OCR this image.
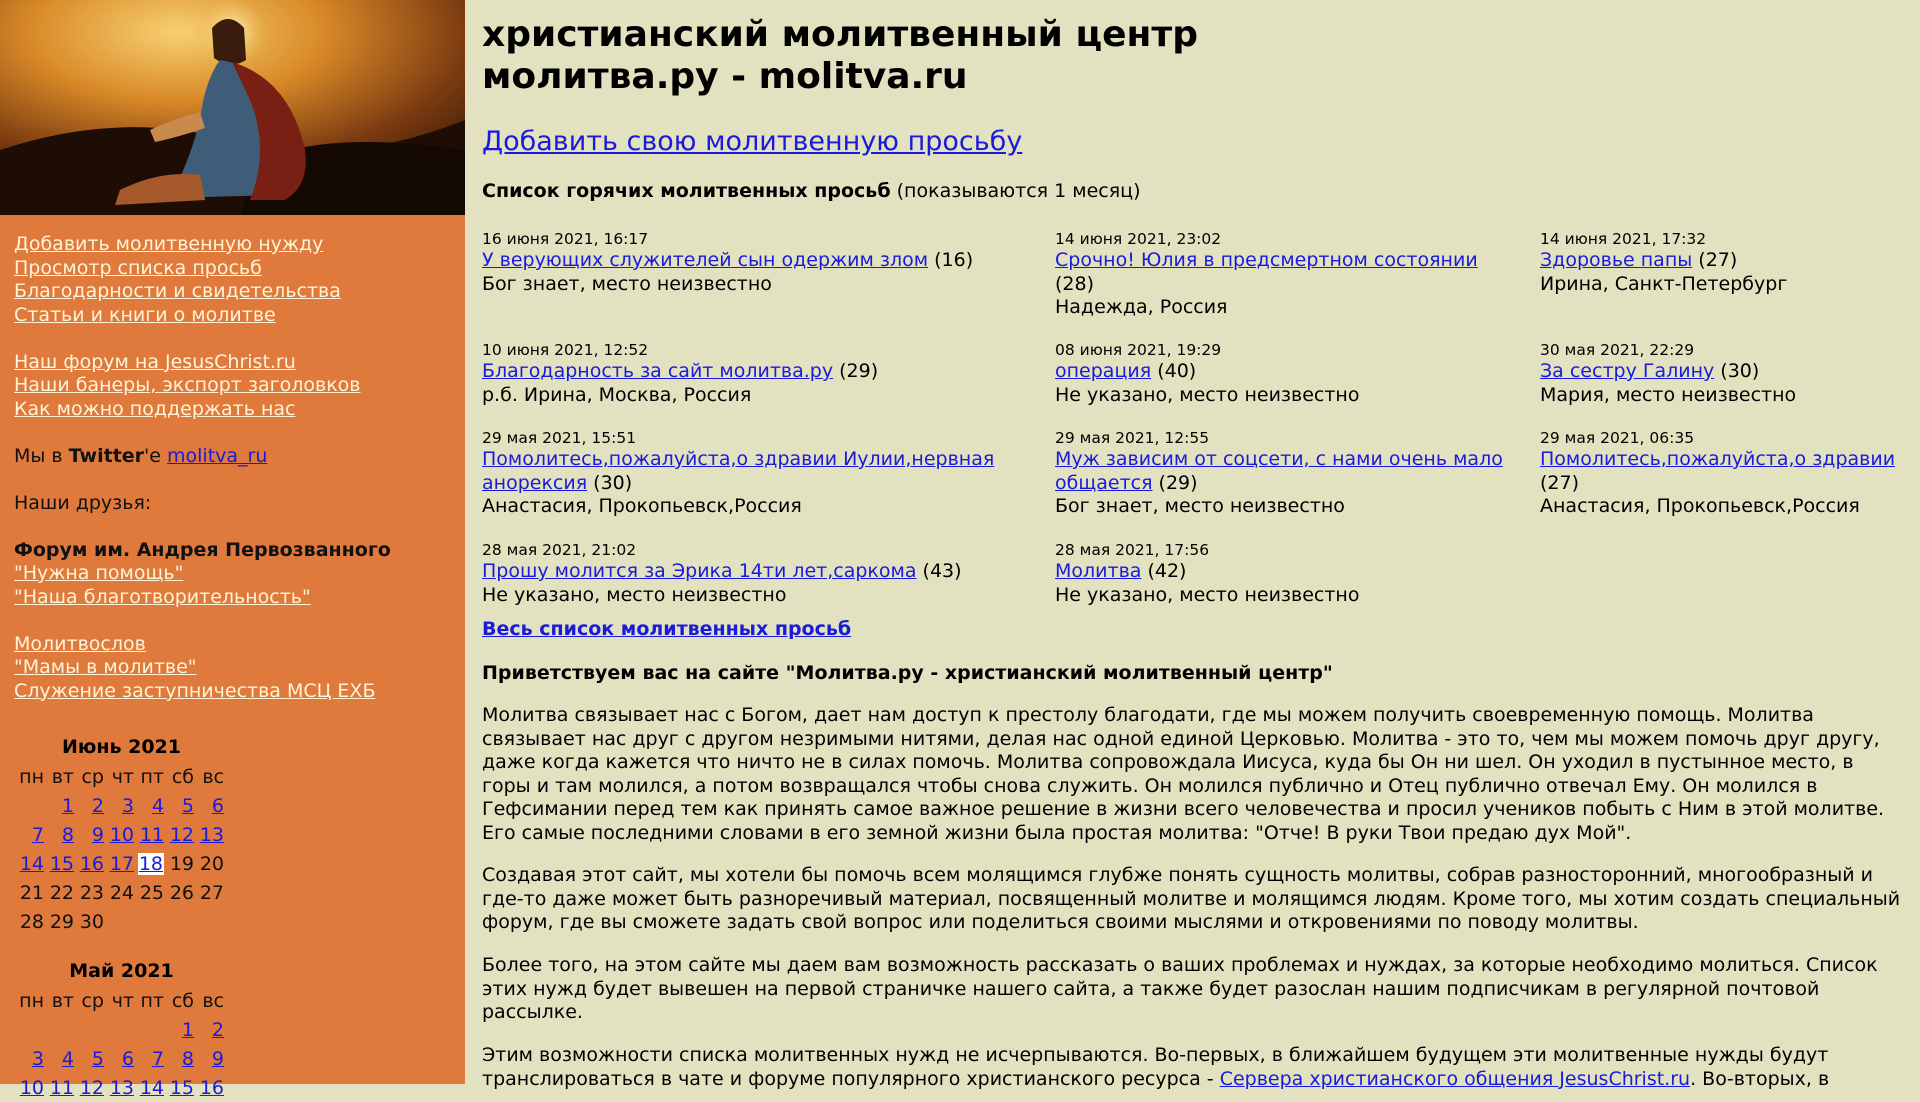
Добавить молитвенную нужду
Просмотр списка просьб
Благодарности и свидетельства
Статьи и книги о молитве
Наш форум на JesusChrist.ru
Наши банеры, экспорт заголовков
Как можно поддержать нас
Мы в Twitter'е molitva_ru
Наши друзья:
Форум им. Андрея Первозванного
"Нужна помощь"
"Наша благотворительность"
Молитвослов
"Мамы в молитве"
Служение заступничества МСЦ ЕХБ
Июнь 2021
пн	вт	ср	чт	пт	сб	вс
	1	2	3	4	5	6
7	8	9	10	11	12	13
14	15	16	17	18	19	20
21	22	23	24	25	26	27
28	29	30				
Май 2021
пн	вт	ср	чт	пт	сб	вс
					1	2
3	4	5	6	7	8	9
10	11	12	13	14	15	16
христианский молитвенный центр
молитва.ру - molitva.ru
Добавить свою молитвенную просьбу
Список горячих молитвенных просьб (показываются 1 месяц)
16 июня 2021, 16:17
У верующих служителей сын одержим злом (16)
Бог знает, место неизвестно
14 июня 2021, 23:02
Срочно! Юлия в предсмертном состоянии (28)
Надежда, Россия
14 июня 2021, 17:32
Здоровье папы (27)
Ирина, Санкт-Петербург
10 июня 2021, 12:52
Благодарность за сайт молитва.ру (29)
р.б. Ирина, Москва, Россия
08 июня 2021, 19:29
операция (40)
Не указано, место неизвестно
30 мая 2021, 22:29
За сестру Галину (30)
Мария, место неизвестно
29 мая 2021, 15:51
Помолитесь,пожалуйста,о здравии Иулии,нервная анорексия (30)
Анастасия, Прокопьевск,Россия
29 мая 2021, 12:55
Муж зависим от соцсети, с нами очень мало общается (29)
Бог знает, место неизвестно
29 мая 2021, 06:35
Помолитесь,пожалуйста,о здравии (27)
Анастасия, Прокопьевск,Россия
28 мая 2021, 21:02
Прошу молится за Эрика 14ти лет,саркома (43)
Не указано, место неизвестно
28 мая 2021, 17:56
Молитва (42)
Не указано, место неизвестно
Весь список молитвенных просьб
Приветствуем вас на сайте "Молитва.ру - христианский молитвенный центр"

Молитва связывает нас с Богом, дает нам доступ к престолу благодати, где мы можем получить своевременную помощь. Молитва связывает нас друг с другом незримыми нитями, делая нас одной единой Церковью. Молитва - это то, чем мы можем помочь друг другу, даже когда кажется что ничто не в силах помочь. Молитва сопровождала Иисуса, куда бы Он ни шел. Он уходил в пустынное место, в горы и там молился, а потом возвращался чтобы снова служить. Он молился публично и Отец публично отвечал Ему. Он молился в Гефсимании перед тем как принять самое важное решение в жизни всего человечества и просил учеников побыть с Ним в этой молитве. Его самые последними словами в его земной жизни была простая молитва: "Отче! В руки Твои предаю дух Мой".

Создавая этот сайт, мы хотели бы помочь всем молящимся глубже понять сущность молитвы, собрав разносторонний, многообразный и где-то даже может быть разноречивый материал, посвященный молитве и молящимся людям. Кроме того, мы хотим создать специальный форум, где вы сможете задать свой вопрос или поделиться своими мыслями и откровениями по поводу молитвы.

Более того, на этом сайте мы даем вам возможность рассказать о ваших проблемах и нуждах, за которые необходимо молиться. Список этих нужд будет вывешен на первой страничке нашего сайта, а также будет разослан нашим подписчикам в регулярной почтовой рассылке.

Этим возможности списка молитвенных нужд не исчерпываются. Во-первых, в ближайшем будущем эти молитвенные нужды будут транслироваться в чате и форуме популярного христианского ресурса - Сервера христианского общения JesusChrist.ru. Во-вторых, в
